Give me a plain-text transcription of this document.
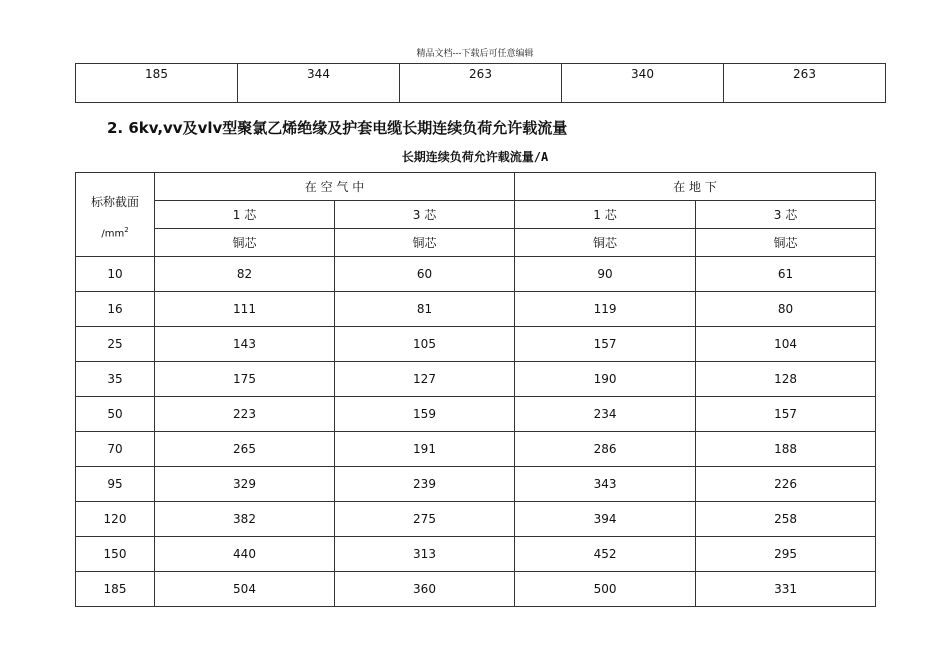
精品文档---下载后可任意编辑
185	344	263	340	263
2. 6kv,vv及vlv型聚氯乙烯绝缘及护套电缆长期连续负荷允许载流量
长期连续负荷允许载流量/A
标称截面
$/mm^2$	在 空 气 中		在 地 下	
	1 芯	3 芯	1 芯	3 芯
	铜芯	铜芯	铜芯	铜芯
10	82	60	90	61
16	111	81	119	80
25	143	105	157	104
35	175	127	190	128
50	223	159	234	157
70	265	191	286	188
95	329	239	343	226
120	382	275	394	258
150	440	313	452	295
185	504	360	500	331
